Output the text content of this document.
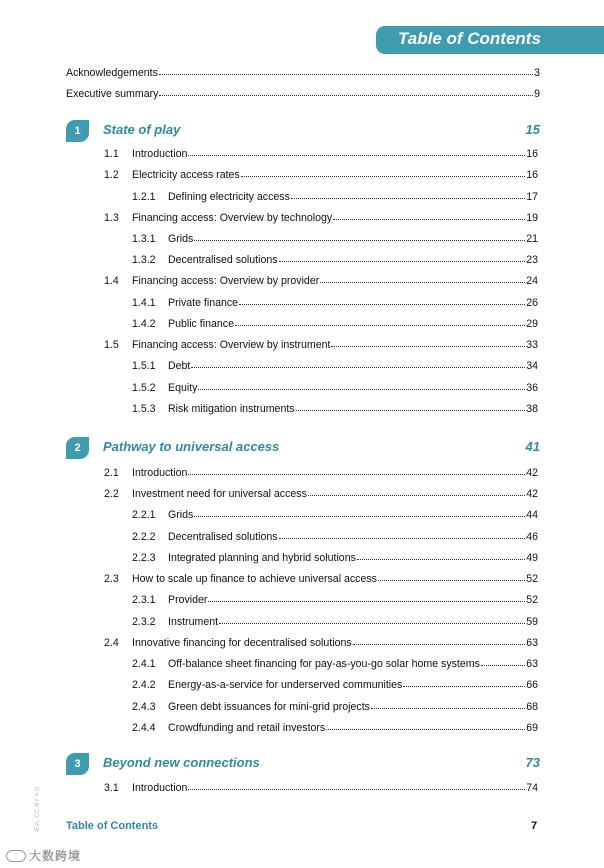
Table of Contents
Acknowledgements	3
Executive summary	9
1	State of play	15
1.1	Introduction	16
1.2	Electricity access rates	16
1.2.1	Defining electricity access	17
1.3	Financing access: Overview by technology	19
1.3.1	Grids	21
1.3.2	Decentralised solutions	23
1.4	Financing access: Overview by provider	24
1.4.1	Private finance	26
1.4.2	Public finance	29
1.5	Financing access: Overview by instrument	33
1.5.1	Debt	34
1.5.2	Equity	36
1.5.3	Risk mitigation instruments	38
2	Pathway to universal access	41
2.1	Introduction	42
2.2	Investment need for universal access	42
2.2.1	Grids	44
2.2.2	Decentralised solutions	46
2.2.3	Integrated planning and hybrid solutions	49
2.3	How to scale up finance to achieve universal access	52
2.3.1	Provider	52
2.3.2	Instrument	59
2.4	Innovative financing for decentralised solutions	63
2.4.1	Off-balance sheet financing for pay-as-you-go solar home systems	63
2.4.2	Energy-as-a-service for underserved communities	66
2.4.3	Green debt issuances for mini-grid projects	68
2.4.4	Crowdfunding and retail investors	69
3	Beyond new connections	73
3.1	Introduction	74
IEA. CC BY 4.0. Table of Contents	7
大数跨境
